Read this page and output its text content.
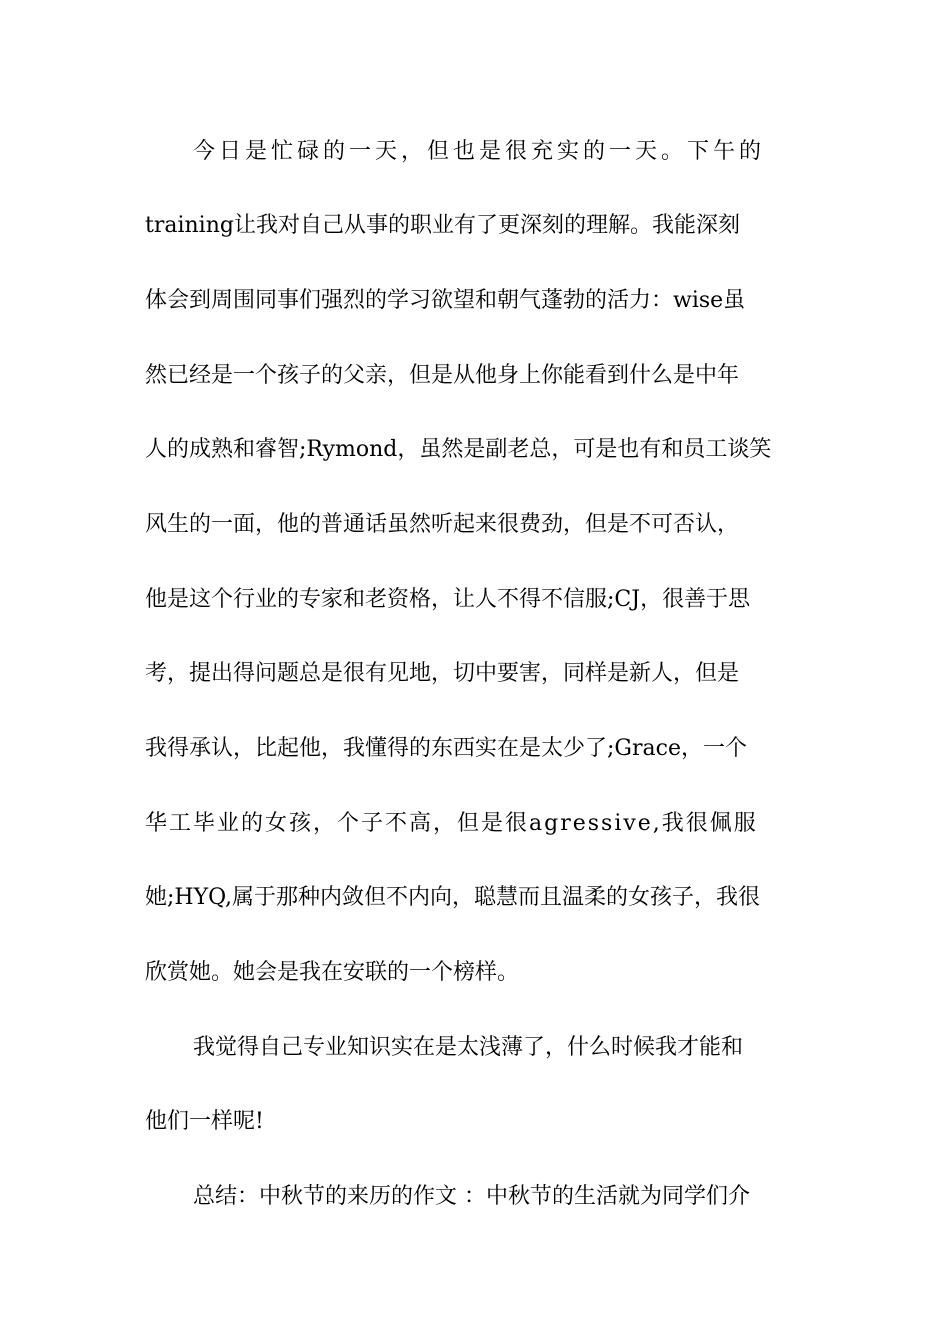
今日是忙碌的一天，但也是很充实的一天。下午的
training让我对自己从事的职业有了更深刻的理解。我能深刻
体会到周围同事们强烈的学习欲望和朝气蓬勃的活力：wise虽
然已经是一个孩子的父亲，但是从他身上你能看到什么是中年
人的成熟和睿智;Rymond，虽然是副老总，可是也有和员工谈笑
风生的一面，他的普通话虽然听起来很费劲，但是不可否认，
他是这个行业的专家和老资格，让人不得不信服;CJ，很善于思
考，提出得问题总是很有见地，切中要害，同样是新人，但是
我得承认，比起他，我懂得的东西实在是太少了;Grace，一个
华工毕业的女孩，个子不高，但是很agressive,我很佩服
她;HYQ,属于那种内敛但不内向，聪慧而且温柔的女孩子，我很
欣赏她。她会是我在安联的一个榜样。
我觉得自己专业知识实在是太浅薄了，什么时候我才能和
他们一样呢!
总结：中秋节的来历的作文 ：中秋节的生活就为同学们介
